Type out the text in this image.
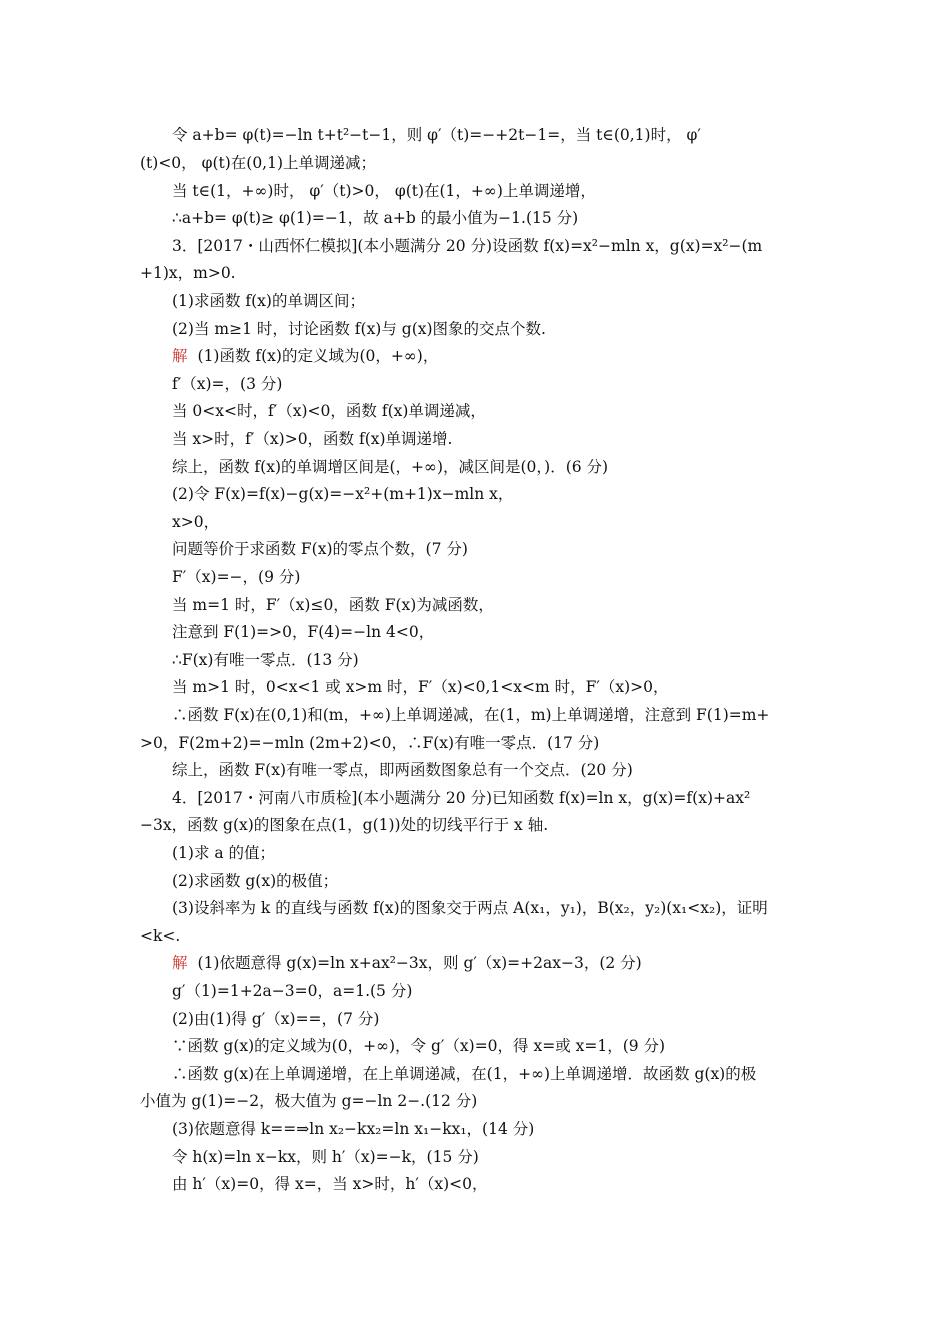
令 a+b= φ(t)=−ln t+t²−t−1，则 φ′（t)=−+2t−1=，当 t∈(0,1)时， φ′
(t)<0， φ(t)在(0,1)上单调递减；
当 t∈(1，+∞)时， φ′（t)>0， φ(t)在(1，+∞)上单调递增，
∴a+b= φ(t)≥ φ(1)=−1，故 a+b 的最小值为−1.(15 分)
3．[2017・山西怀仁模拟](本小题满分 20 分)设函数 f(x)=x²−mln x，g(x)=x²−(m
+1)x，m>0.
(1)求函数 f(x)的单调区间；
(2)当 m≥1 时，讨论函数 f(x)与 g(x)图象的交点个数.
解 (1)函数 f(x)的定义域为(0，+∞)，
f′（x)=，(3 分)
当 0<x<时，f′（x)<0，函数 f(x)单调递减，
当 x>时，f′（x)>0，函数 f(x)单调递增.
综上，函数 f(x)的单调增区间是(，+∞)，减区间是(0，)．(6 分)
(2)令 F(x)=f(x)−g(x)=−x²+(m+1)x−mln x，
x>0，
问题等价于求函数 F(x)的零点个数，(7 分)
F′（x)=−，(9 分)
当 m=1 时，F′（x)≤0，函数 F(x)为减函数，
注意到 F(1)=>0，F(4)=−ln 4<0，
∴F(x)有唯一零点．(13 分)
当 m>1 时，0<x<1 或 x>m 时，F′（x)<0,1<x<m 时，F′（x)>0，
∴函数 F(x)在(0,1)和(m，+∞)上单调递减，在(1，m)上单调递增，注意到 F(1)=m+
>0，F(2m+2)=−mln (2m+2)<0，∴F(x)有唯一零点．(17 分)
综上，函数 F(x)有唯一零点，即两函数图象总有一个交点．(20 分)
4．[2017・河南八市质检](本小题满分 20 分)已知函数 f(x)=ln x，g(x)=f(x)+ax²
−3x，函数 g(x)的图象在点(1，g(1))处的切线平行于 x 轴.
(1)求 a 的值；
(2)求函数 g(x)的极值；
(3)设斜率为 k 的直线与函数 f(x)的图象交于两点 A(x₁，y₁)，B(x₂，y₂)(x₁<x₂)，证明
<k<.
解 (1)依题意得 g(x)=ln x+ax²−3x，则 g′（x)=+2ax−3，(2 分)
g′（1)=1+2a−3=0，a=1.(5 分)
(2)由(1)得 g′（x)==，(7 分)
∵函数 g(x)的定义域为(0，+∞)，令 g′（x)=0，得 x=或 x=1，(9 分)
∴函数 g(x)在上单调递增，在上单调递减，在(1，+∞)上单调递增．故函数 g(x)的极
小值为 g(1)=−2，极大值为 g=−ln 2−.(12 分)
(3)依题意得 k==⇒ln x₂−kx₂=ln x₁−kx₁，(14 分)
令 h(x)=ln x−kx，则 h′（x)=−k，(15 分)
由 h′（x)=0，得 x=，当 x>时，h′（x)<0，
